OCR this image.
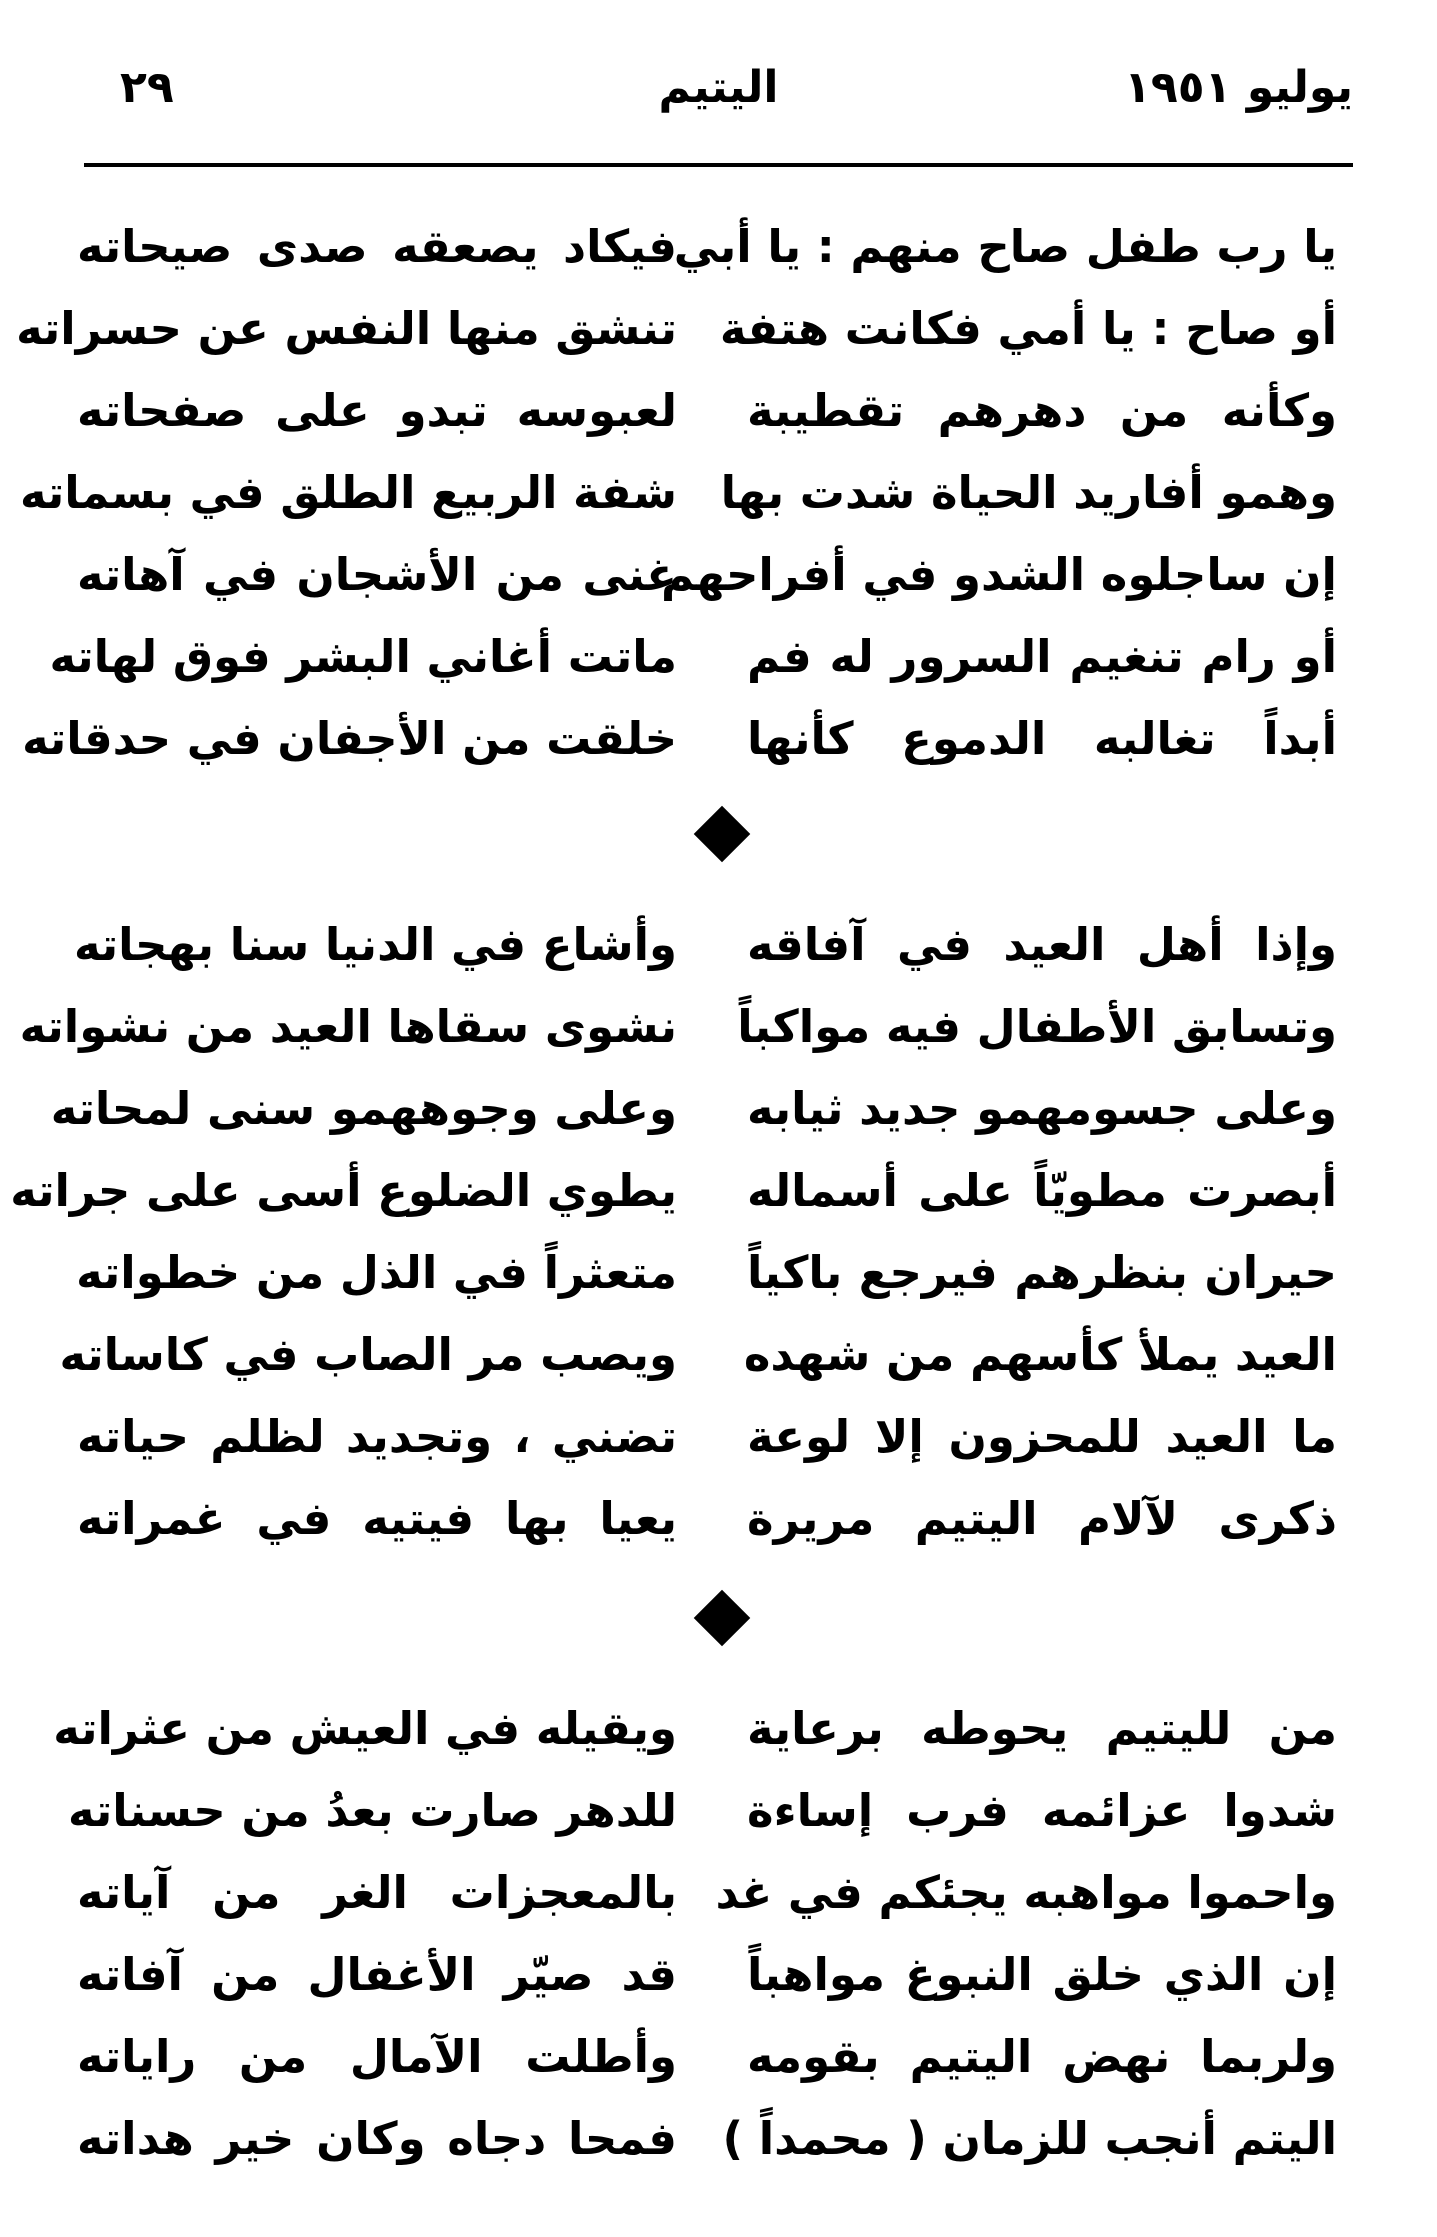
يوليو ١٩٥١
اليتيم
٢٩
يا رب طفل صاح منهم : يا أبي
أو صاح : يا أمي فكانت هتفة
وكأنه من دهرهم تقطيبة
وهمو أفاريد الحياة شدت بها
إن ساجلوه الشدو في أفراحهم
أو رام تنغيم السرور له فم
أبداً تغالبه الدموع كأنها
فيكاد يصعقه صدى صيحاته
تنشق منها النفس عن حسراته
لعبوسه تبدو على صفحاته
شفة الربيع الطلق في بسماته
غنى من الأشجان في آهاته
ماتت أغاني البشر فوق لهاته
خلقت من الأجفان في حدقاته
وإذا أهل العيد في آفاقه
وتسابق الأطفال فيه مواكباً
وعلى جسومهمو جديد ثيابه
أبصرت مطويّاً على أسماله
حيران بنظرهم فيرجع باكياً
العيد يملأ كأسهم من شهده
ما العيد للمحزون إلا لوعة
ذكرى لآلام اليتيم مريرة
وأشاع في الدنيا سنا بهجاته
نشوى سقاها العيد من نشواته
وعلى وجوههمو سنى لمحاته
يطوي الضلوع أسى على جراته
متعثراً في الذل من خطواته
ويصب مر الصاب في كاساته
تضني ، وتجديد لظلم حياته
يعيا بها فيتيه في غمراته
من لليتيم يحوطه برعاية
شدوا عزائمه فرب إساءة
واحموا مواهبه يجئكم في غد
إن الذي خلق النبوغ مواهباً
ولربما نهض اليتيم بقومه
اليتم أنجب للزمان ( محمداً )
ويقيله في العيش من عثراته
للدهر صارت بعدُ من حسناته
بالمعجزات الغر من آياته
قد صيّر الأغفال من آفاته
وأطلت الآمال من راياته
فمحا دجاه وكان خير هداته
